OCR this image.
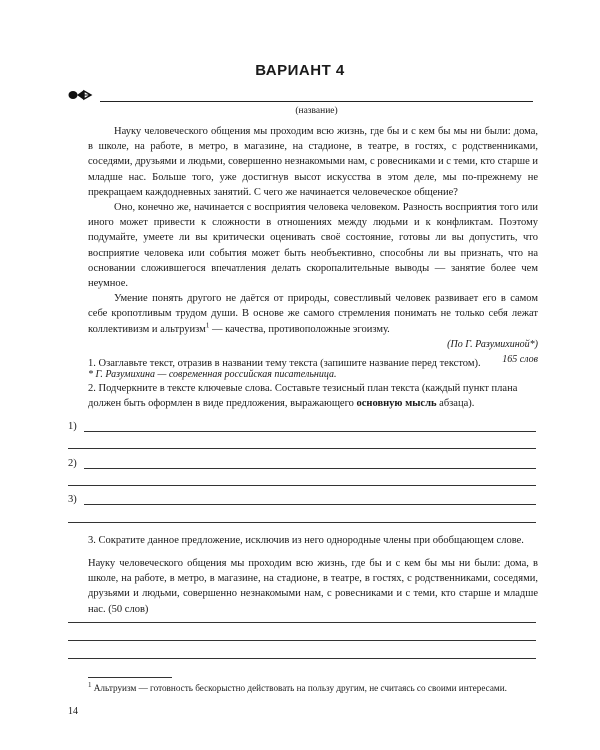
ВАРИАНТ 4
(название)

Науку человеческого общения мы проходим всю жизнь, где бы и с кем бы мы ни были: дома, в школе, на работе, в метро, в магазине, на стадионе, в театре, в гостях, с родственниками, соседями, друзьями и людьми, совершенно незнакомыми нам, с ровесниками и с теми, кто старше и младше нас. Больше того, уже достигнув высот искусства в этом деле, мы по-прежнему не прекращаем каждодневных занятий. С чего же начинается человеческое общение?

Оно, конечно же, начинается с восприятия человека человеком. Разность восприятия того или иного может привести к сложности в отношениях между людьми и к конфликтам. Поэтому подумайте, умеете ли вы критически оценивать своё состояние, готовы ли вы допустить, что восприятие человека или события может быть необъективно, способны ли вы признать, что на основании сложившегося впечатления делать скоропалительные выводы — занятие более чем неумное.

Умение понять другого не даётся от природы, совестливый человек развивает его в самом себе кропотливым трудом души. В основе же самого стремления понимать не только себя лежат коллективизм и альтруизм$^1$ — качества, противоположные эгоизму.

(По Г. Разумихиной*)
165 слов
* Г. Разумихина — современная российская писательница.
1. Озаглавьте текст, отразив в названии тему текста (запишите название перед текстом).
2. Подчеркните в тексте ключевые слова. Составьте тезисный план текста (каждый пункт плана должен быть оформлен в виде предложения, выражающего основную мысль абзаца).
1)
2)
3)
3. Сократите данное предложение, исключив из него однородные члены при обобщающем слове.
Науку человеческого общения мы проходим всю жизнь, где бы и с кем бы мы ни были: дома, в школе, на работе, в метро, в магазине, на стадионе, в театре, в гостях, с родственниками, соседями, друзьями и людьми, совершенно незнакомыми нам, с ровесниками и с теми, кто старше и младше нас. (50 слов)
$^1$ Альтруизм — готовность бескорыстно действовать на пользу другим, не считаясь со своими интересами.
14
